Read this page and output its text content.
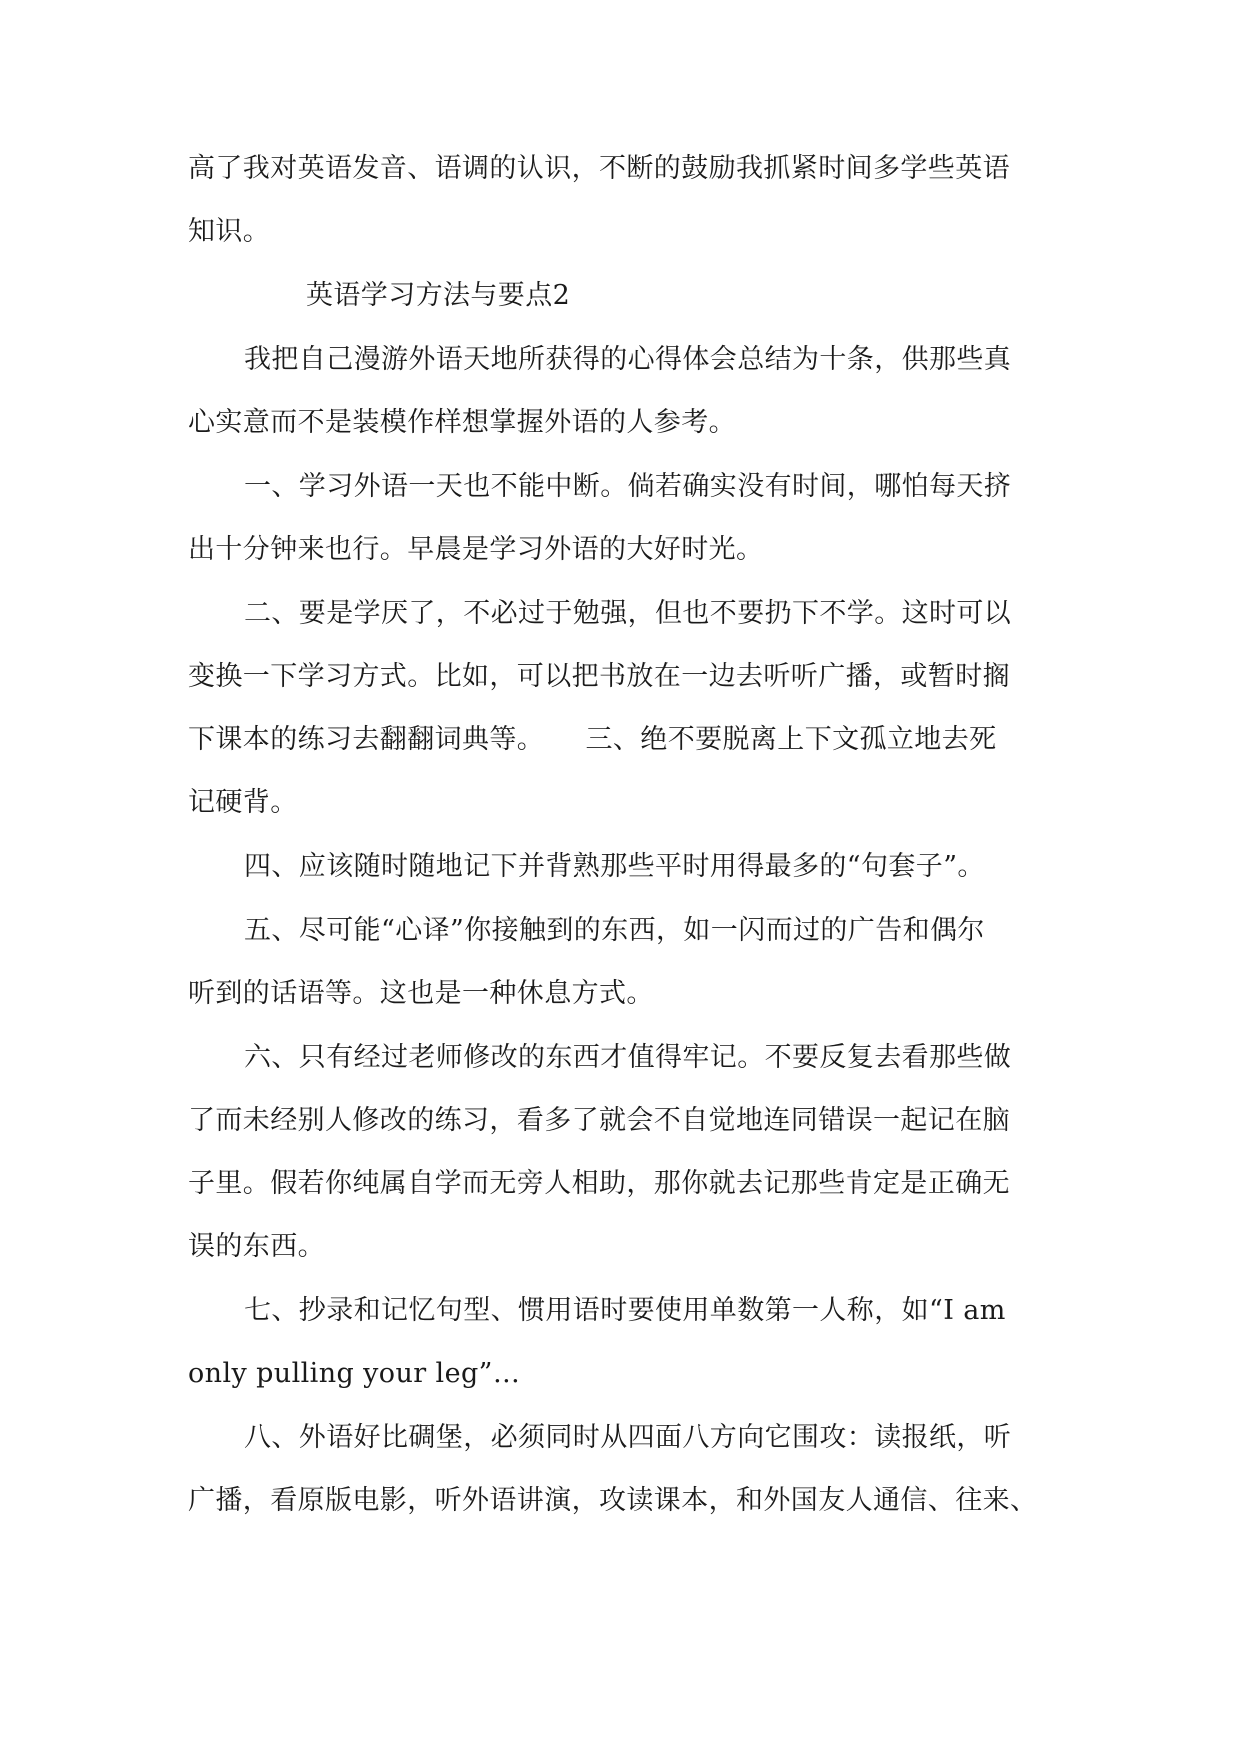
高了我对英语发音、语调的认识，不断的鼓励我抓紧时间多学些英语

知识。

英语学习方法与要点2

我把自己漫游外语天地所获得的心得体会总结为十条，供那些真

心实意而不是装模作样想掌握外语的人参考。

一、学习外语一天也不能中断。倘若确实没有时间，哪怕每天挤

出十分钟来也行。早晨是学习外语的大好时光。

二、要是学厌了，不必过于勉强，但也不要扔下不学。这时可以

变换一下学习方式。比如，可以把书放在一边去听听广播，或暂时搁

下课本的练习去翻翻词典等。　　三、绝不要脱离上下文孤立地去死

记硬背。

四、应该随时随地记下并背熟那些平时用得最多的“句套子”。

五、尽可能“心译”你接触到的东西，如一闪而过的广告和偶尔

听到的话语等。这也是一种休息方式。

六、只有经过老师修改的东西才值得牢记。不要反复去看那些做

了而未经别人修改的练习，看多了就会不自觉地连同错误一起记在脑

子里。假若你纯属自学而无旁人相助，那你就去记那些肯定是正确无

误的东西。

七、抄录和记忆句型、惯用语时要使用单数第一人称，如“I am

only pulling your leg”…

八、外语好比碉堡，必须同时从四面八方向它围攻：读报纸，听

广播，看原版电影，听外语讲演，攻读课本，和外国友人通信、往来、
